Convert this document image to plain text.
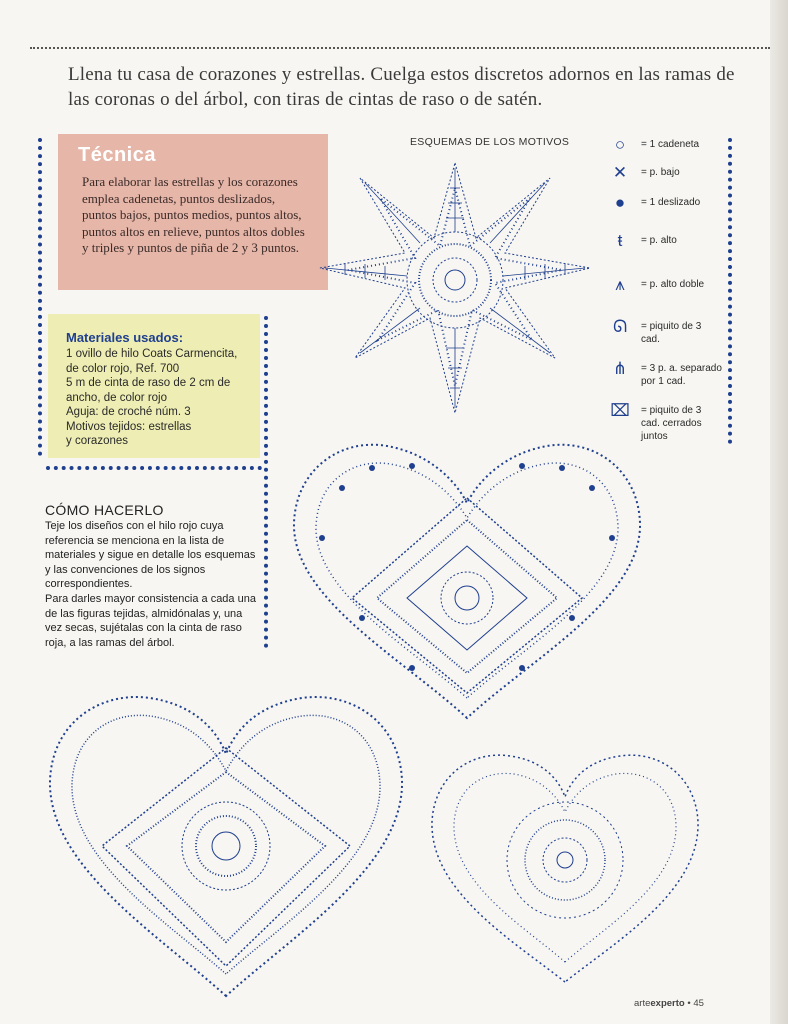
Llena tu casa de corazones y estrellas. Cuelga estos discretos adornos en las ramas de las coronas o del árbol, con tiras de cintas de raso o de satén.

Técnica

Para elaborar las estrellas y los corazones emplea cadenetas, puntos deslizados, puntos bajos, puntos medios, puntos altos, puntos altos en relieve, puntos altos dobles y triples y puntos de piña de 2 y 3 puntos.

Materiales usados:
1 ovillo de hilo Coats Carmencita,
de color rojo, Ref. 700
5 m de cinta de raso de 2 cm de
ancho, de color rojo
Aguja: de croché núm. 3
Motivos tejidos: estrellas
y corazones
CÓMO HACERLO
Teje los diseños con el hilo rojo cuya referencia se menciona en la lista de materiales y sigue en detalle los esquemas y las convenciones de los signos correspondientes.
Para darles mayor consistencia a cada una de las figuras tejidas, almidónalas y, una vez secas, sujétalas con la cinta de raso roja, a las ramas del árbol.
ESQUEMAS DE LOS MOTIVOS	○	= 1 cadeneta
✕	= p. bajo
●	= 1 deslizado
ŧ	= p. alto
⩚	= p. alto doble
ᘏ	= piquito de 3 cad.
⋔	= 3 p. a. separado por 1 cad.
⌧	= piquito de 3 cad. cerrados juntos
arteexperto • 45
